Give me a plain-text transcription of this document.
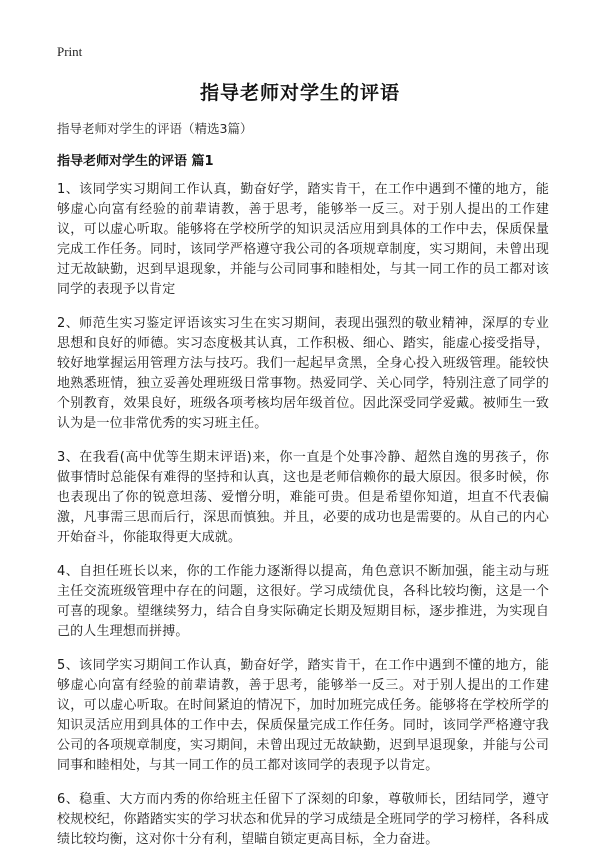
Print
指导老师对学生的评语
指导老师对学生的评语（精选3篇）
指导老师对学生的评语 篇1

1、该同学实习期间工作认真，勤奋好学，踏实肯干，在工作中遇到不懂的地方，能够虚心向富有经验的前辈请教，善于思考，能够举一反三。对于别人提出的工作建议，可以虚心听取。能够将在学校所学的知识灵活应用到具体的工作中去，保质保量完成工作任务。同时，该同学严格遵守我公司的各项规章制度，实习期间，未曾出现过无故缺勤，迟到早退现象，并能与公司同事和睦相处，与其一同工作的员工都对该同学的表现予以肯定

2、师范生实习鉴定评语该实习生在实习期间，表现出强烈的敬业精神，深厚的专业思想和良好的师德。实习态度极其认真，工作积极、细心、踏实，能虚心接受指导，较好地掌握运用管理方法与技巧。我们一起起早贪黑，全身心投入班级管理。能较快地熟悉班情，独立妥善处理班级日常事物。热爱同学、关心同学，特别注意了同学的个别教育，效果良好，班级各项考核均居年级首位。因此深受同学爱戴。被师生一致认为是一位非常优秀的实习班主任。

3、在我看(高中优等生期末评语)来，你一直是个处事冷静、超然自逸的男孩子，你做事情时总能保有难得的坚持和认真，这也是老师信赖你的最大原因。很多时候，你也表现出了你的锐意坦荡、爱憎分明，难能可贵。但是希望你知道，坦直不代表偏激，凡事需三思而后行，深思而慎独。并且，必要的成功也是需要的。从自己的内心开始奋斗，你能取得更大成就。

4、自担任班长以来，你的工作能力逐渐得以提高，角色意识不断加强，能主动与班主任交流班级管理中存在的问题，这很好。学习成绩优良，各科比较均衡，这是一个可喜的现象。望继续努力，结合自身实际确定长期及短期目标，逐步推进，为实现自己的人生理想而拼搏。

5、该同学实习期间工作认真，勤奋好学，踏实肯干，在工作中遇到不懂的地方，能够虚心向富有经验的前辈请教，善于思考，能够举一反三。对于别人提出的工作建议，可以虚心听取。在时间紧迫的情况下，加时加班完成任务。能够将在学校所学的知识灵活应用到具体的工作中去，保质保量完成工作任务。同时，该同学严格遵守我公司的各项规章制度，实习期间，未曾出现过无故缺勤，迟到早退现象，并能与公司同事和睦相处，与其一同工作的员工都对该同学的表现予以肯定。

6、稳重、大方而内秀的你给班主任留下了深刻的印象，尊敬师长，团结同学，遵守校规校纪，你踏踏实实的学习状态和优异的学习成绩是全班同学的学习榜样，各科成绩比较均衡，这对你十分有利，望瞄自锁定更高目标，全力奋进。
